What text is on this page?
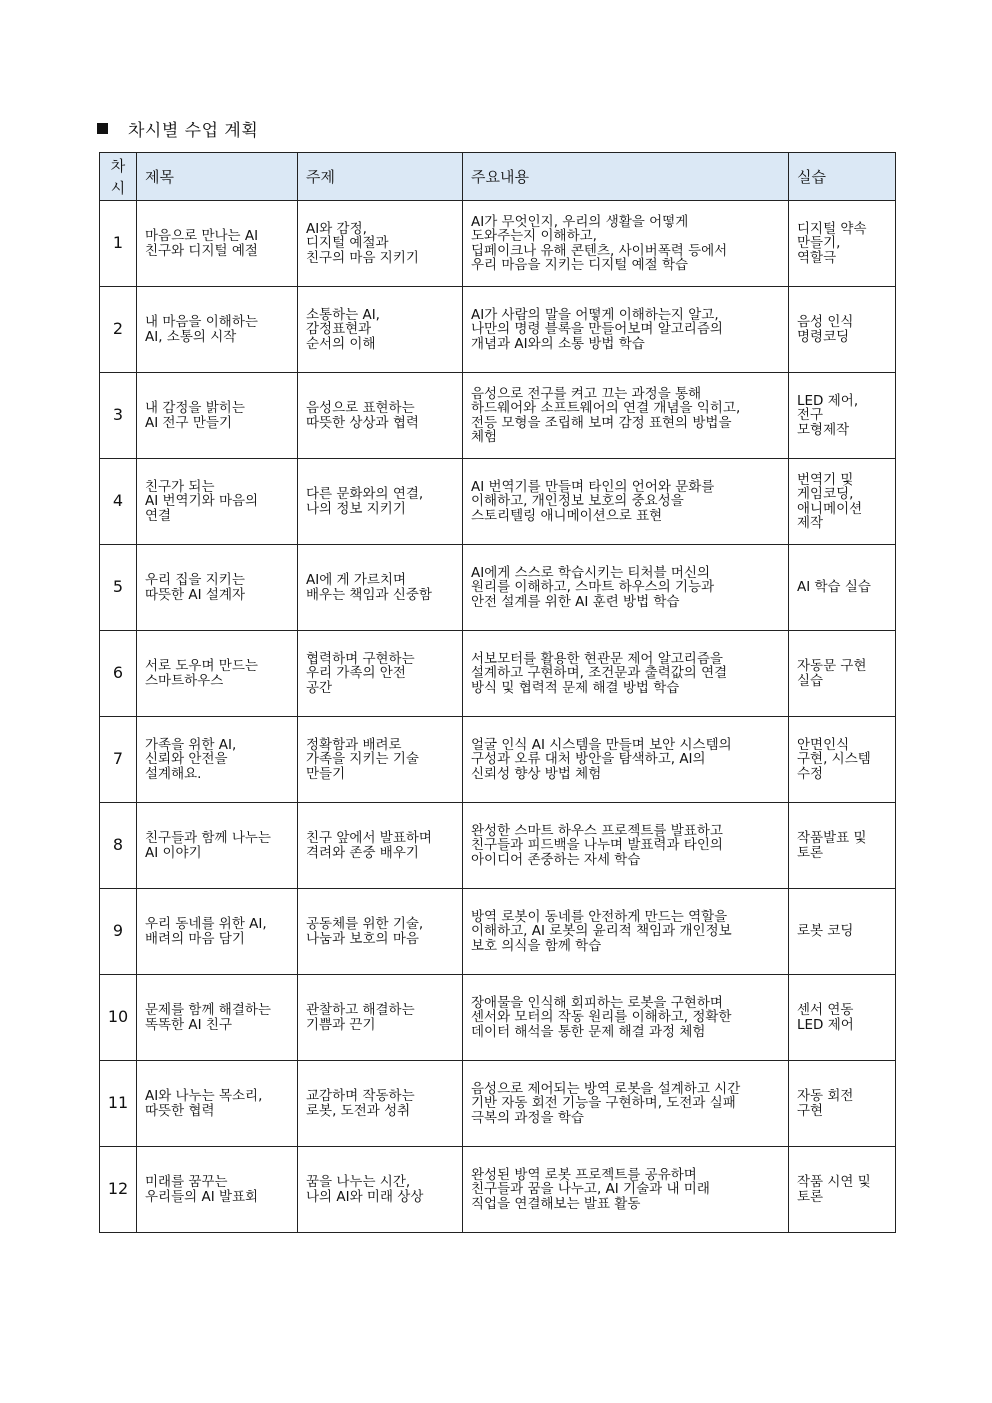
차시별 수업 계획
차
시	제목	주제	주요내용	실습
1	마음으로 만나는 AI
친구와 디지털 예절	AI와 감정,
디지털 예절과
친구의 마음 지키기	AI가 무엇인지, 우리의 생활을 어떻게
도와주는지 이해하고,
딥페이크나 유해 콘텐츠, 사이버폭력 등에서
우리 마음을 지키는 디지털 예절 학습	디지털 약속
만들기,
역할극
2	내 마음을 이해하는
AI, 소통의 시작	소통하는 AI,
감정표현과
순서의 이해	AI가 사람의 말을 어떻게 이해하는지 알고,
나만의 명령 블록을 만들어보며 알고리즘의
개념과 AI와의 소통 방법 학습	음성 인식
명령코딩
3	내 감정을 밝히는
AI 전구 만들기	음성으로 표현하는
따뜻한 상상과 협력	음성으로 전구를 켜고 끄는 과정을 통해
하드웨어와 소프트웨어의 연결 개념을 익히고,
전등 모형을 조립해 보며 감정 표현의 방법을
체험	LED 제어,
전구
모형제작
4	친구가 되는
AI 번역기와 마음의
연결	다른 문화와의 연결,
나의 정보 지키기	AI 번역기를 만들며 타인의 언어와 문화를
이해하고, 개인정보 보호의 중요성을
스토리텔링 애니메이션으로 표현	번역기 및
게임코딩,
애니메이션
제작
5	우리 집을 지키는
따뜻한 AI 설계자	AI에 게 가르치며
배우는 책임과 신중함	AI에게 스스로 학습시키는 티처블 머신의
원리를 이해하고, 스마트 하우스의 기능과
안전 설계를 위한 AI 훈련 방법 학습	AI 학습 실습
6	서로 도우며 만드는
스마트하우스	협력하며 구현하는
우리 가족의 안전
공간	서보모터를 활용한 현관문 제어 알고리즘을
설계하고 구현하며, 조건문과 출력값의 연결
방식 및 협력적 문제 해결 방법 학습	자동문 구현
실습
7	가족을 위한 AI,
신뢰와 안전을
설계해요.	정확함과 배려로
가족을 지키는 기술
만들기	얼굴 인식 AI 시스템을 만들며 보안 시스템의
구성과 오류 대처 방안을 탐색하고, AI의
신뢰성 향상 방법 체험	안면인식
구현, 시스템
수정
8	친구들과 함께 나누는
AI 이야기	친구 앞에서 발표하며
격려와 존중 배우기	완성한 스마트 하우스 프로젝트를 발표하고
친구들과 피드백을 나누며 발표력과 타인의
아이디어 존중하는 자세 학습	작품발표 및
토론
9	우리 동네를 위한 AI,
배려의 마음 담기	공동체를 위한 기술,
나눔과 보호의 마음	방역 로봇이 동네를 안전하게 만드는 역할을
이해하고, AI 로봇의 윤리적 책임과 개인정보
보호 의식을 함께 학습	로봇 코딩
10	문제를 함께 해결하는
똑똑한 AI 친구	관찰하고 해결하는
기쁨과 끈기	장애물을 인식해 회피하는 로봇을 구현하며
센서와 모터의 작동 원리를 이해하고, 정확한
데이터 해석을 통한 문제 해결 과정 체험	센서 연동
LED 제어
11	AI와 나누는 목소리,
따뜻한 협력	교감하며 작동하는
로봇, 도전과 성취	음성으로 제어되는 방역 로봇을 설계하고 시간
기반 자동 회전 기능을 구현하며, 도전과 실패
극복의 과정을 학습	자동 회전
구현
12	미래를 꿈꾸는
우리들의 AI 발표회	꿈을 나누는 시간,
나의 AI와 미래 상상	완성된 방역 로봇 프로젝트를 공유하며
친구들과 꿈을 나누고, AI 기술과 내 미래
직업을 연결해보는 발표 활동	작품 시연 및
토론
